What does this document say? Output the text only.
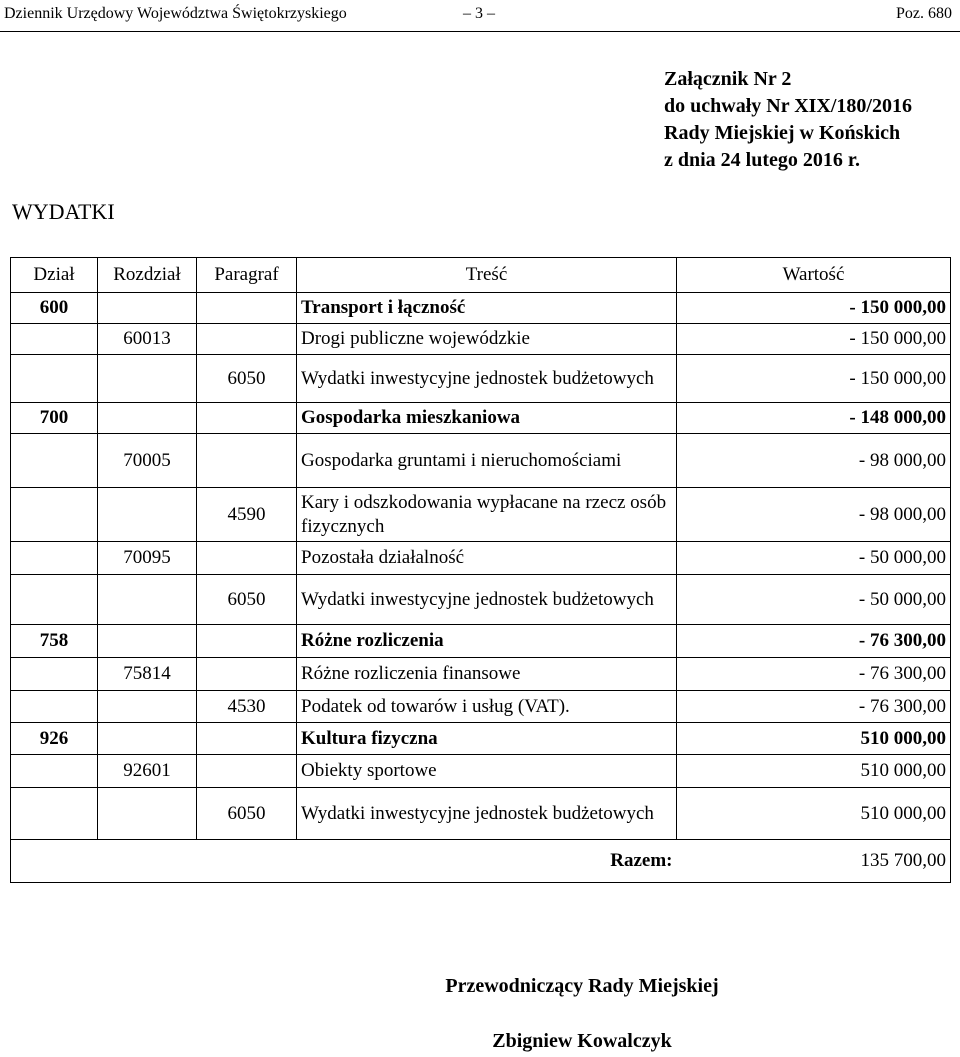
Dziennik Urzędowy Województwa Świętokrzyskiego	– 3 –	Poz. 680
Załącznik Nr 2
do uchwały Nr XIX/180/2016
Rady Miejskiej w Końskich
z dnia 24 lutego 2016 r.
WYDATKI
Dział	Rozdział	Paragraf	Treść	Wartość
600			Transport i łączność	- 150 000,00
	60013		Drogi publiczne wojewódzkie	- 150 000,00
		6050	Wydatki inwestycyjne jednostek budżetowych	- 150 000,00
700			Gospodarka mieszkaniowa	- 148 000,00
	70005		Gospodarka gruntami i nieruchomościami	- 98 000,00
		4590	Kary i odszkodowania wypłacane na rzecz osób fizycznych	- 98 000,00
	70095		Pozostała działalność	- 50 000,00
		6050	Wydatki inwestycyjne jednostek budżetowych	- 50 000,00
758			Różne rozliczenia	- 76 300,00
	75814		Różne rozliczenia finansowe	- 76 300,00
		4530	Podatek od towarów i usług (VAT).	- 76 300,00
926			Kultura fizyczna	510 000,00
	92601		Obiekty sportowe	510 000,00
		6050	Wydatki inwestycyjne jednostek budżetowych	510 000,00
Razem:				135 700,00
Przewodniczący Rady Miejskiej
Zbigniew Kowalczyk
